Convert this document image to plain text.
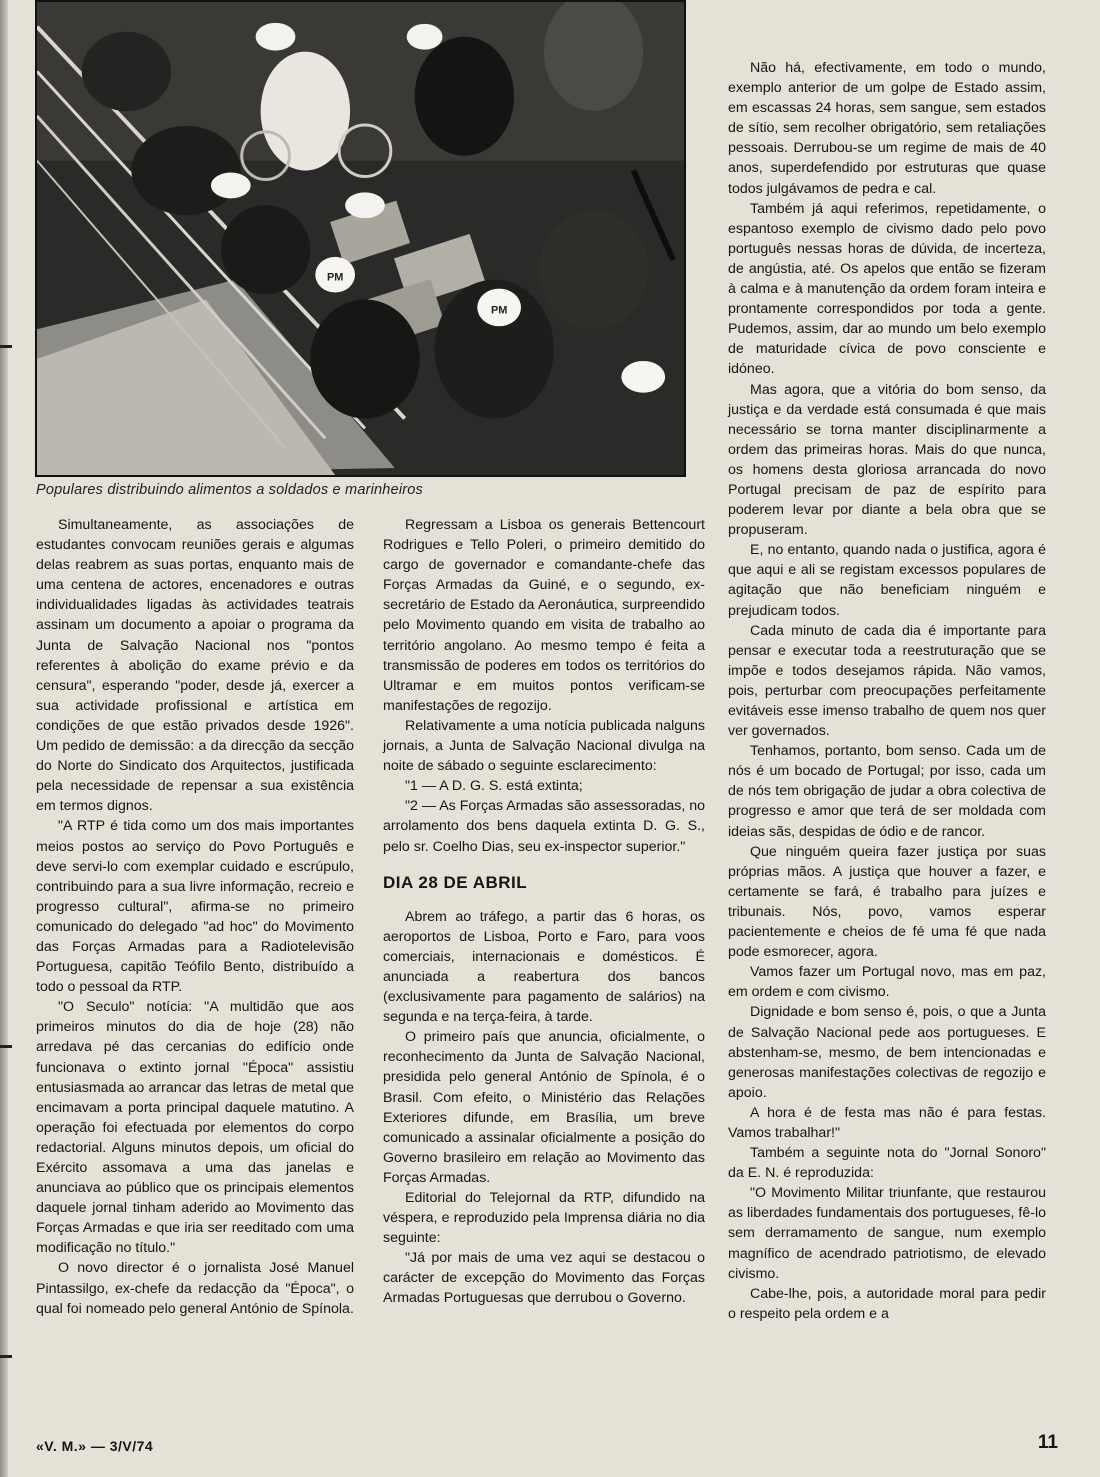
PM
PM
Populares distribuindo alimentos a soldados e marinheiros

Simultaneamente, as associações de estudantes convocam reuniões gerais e algumas delas reabrem as suas portas, enquanto mais de uma centena de actores, encenadores e outras individualidades ligadas às actividades teatrais assinam um documento a apoiar o programa da Junta de Salvação Nacional nos "pontos referentes à abolição do exame prévio e da censura", esperando "poder, desde já, exercer a sua actividade profissional e artística em condições de que estão privados desde 1926". Um pedido de demissão: a da direcção da secção do Norte do Sindicato dos Arquitectos, justificada pela necessidade de repensar a sua existência em termos dignos.

"A RTP é tida como um dos mais importantes meios postos ao serviço do Povo Português e deve servi-lo com exemplar cuidado e escrúpulo, contribuindo para a sua livre informação, recreio e progresso cultural", afirma-se no primeiro comunicado do delegado "ad hoc" do Movimento das Forças Armadas para a Radiotelevisão Portuguesa, capitão Teófilo Bento, distribuído a todo o pessoal da RTP.

"O Seculo" notícia: "A multidão que aos primeiros minutos do dia de hoje (28) não arredava pé das cercanias do edifício onde funcionava o extinto jornal "Época" assistiu entusiasmada ao arrancar das letras de metal que encimavam a porta principal daquele matutino. A operação foi efectuada por elementos do corpo redactorial. Alguns minutos depois, um oficial do Exército assomava a uma das janelas e anunciava ao público que os principais elementos daquele jornal tinham aderido ao Movimento das Forças Armadas e que iria ser reeditado com uma modificação no título."

O novo director é o jornalista José Manuel Pintassilgo, ex-chefe da redacção da "Época", o qual foi nomeado pelo general António de Spínola.

Regressam a Lisboa os generais Bettencourt Rodrigues e Tello Poleri, o primeiro demitido do cargo de governador e comandante-chefe das Forças Armadas da Guiné, e o segundo, ex-secretário de Estado da Aeronáutica, surpreendido pelo Movimento quando em visita de trabalho ao território angolano. Ao mesmo tempo é feita a transmissão de poderes em todos os territórios do Ultramar e em muitos pontos verificam-se manifestações de regozijo.

Relativamente a uma notícia publicada nalguns jornais, a Junta de Salvação Nacional divulga na noite de sábado o seguinte esclarecimento:

"1 — A D. G. S. está extinta;

"2 — As Forças Armadas são assessoradas, no arrolamento dos bens daquela extinta D. G. S., pelo sr. Coelho Dias, seu ex-inspector superior."

DIA 28 DE ABRIL

Abrem ao tráfego, a partir das 6 horas, os aeroportos de Lisboa, Porto e Faro, para voos comerciais, internacionais e domésticos. É anunciada a reabertura dos bancos (exclusivamente para pagamento de salários) na segunda e na terça-feira, à tarde.

O primeiro país que anuncia, oficialmente, o reconhecimento da Junta de Salvação Nacional, presidida pelo general António de Spínola, é o Brasil. Com efeito, o Ministério das Relações Exteriores difunde, em Brasília, um breve comunicado a assinalar oficialmente a posição do Governo brasileiro em relação ao Movimento das Forças Armadas.

Editorial do Telejornal da RTP, difundido na véspera, e reproduzido pela Imprensa diária no dia seguinte:

"Já por mais de uma vez aqui se destacou o carácter de excepção do Movimento das Forças Armadas Portuguesas que derrubou o Governo.

Não há, efectivamente, em todo o mundo, exemplo anterior de um golpe de Estado assim, em escassas 24 horas, sem sangue, sem estados de sítio, sem recolher obrigatório, sem retaliações pessoais. Derrubou-se um regime de mais de 40 anos, superdefendido por estruturas que quase todos julgávamos de pedra e cal.

Também já aqui referimos, repetidamente, o espantoso exemplo de civismo dado pelo povo português nessas horas de dúvida, de incerteza, de angústia, até. Os apelos que então se fizeram à calma e à manutenção da ordem foram inteira e prontamente correspondidos por toda a gente. Pudemos, assim, dar ao mundo um belo exemplo de maturidade cívica de povo consciente e idóneo.

Mas agora, que a vitória do bom senso, da justiça e da verdade está consumada é que mais necessário se torna manter disciplinarmente a ordem das primeiras horas. Mais do que nunca, os homens desta gloriosa arrancada do novo Portugal precisam de paz de espírito para poderem levar por diante a bela obra que se propuseram.

E, no entanto, quando nada o justifica, agora é que aqui e ali se registam excessos populares de agitação que não beneficiam ninguém e prejudicam todos.

Cada minuto de cada dia é importante para pensar e executar toda a reestruturação que se impõe e todos desejamos rápida. Não vamos, pois, perturbar com preocupações perfeitamente evitáveis esse imenso trabalho de quem nos quer ver governados.

Tenhamos, portanto, bom senso. Cada um de nós é um bocado de Portugal; por isso, cada um de nós tem obrigação de judar a obra colectiva de progresso e amor que terá de ser moldada com ideias sãs, despidas de ódio e de rancor.

Que ninguém queira fazer justiça por suas próprias mãos. A justiça que houver a fazer, e certamente se fará, é trabalho para juízes e tribunais. Nós, povo, vamos esperar pacientemente e cheios de fé uma fé que nada pode esmorecer, agora.

Vamos fazer um Portugal novo, mas em paz, em ordem e com civismo.

Dignidade e bom senso é, pois, o que a Junta de Salvação Nacional pede aos portugueses. E abstenham-se, mesmo, de bem intencionadas e generosas manifestações colectivas de regozijo e apoio.

A hora é de festa mas não é para festas. Vamos trabalhar!"

Também a seguinte nota do "Jornal Sonoro" da E. N. é reproduzida:

"O Movimento Militar triunfante, que restaurou as liberdades fundamentais dos portugueses, fê-lo sem derramamento de sangue, num exemplo magnífico de acendrado patriotismo, de elevado civismo.

Cabe-lhe, pois, a autoridade moral para pedir o respeito pela ordem e a

«V. M.» — 3/V/74	11
